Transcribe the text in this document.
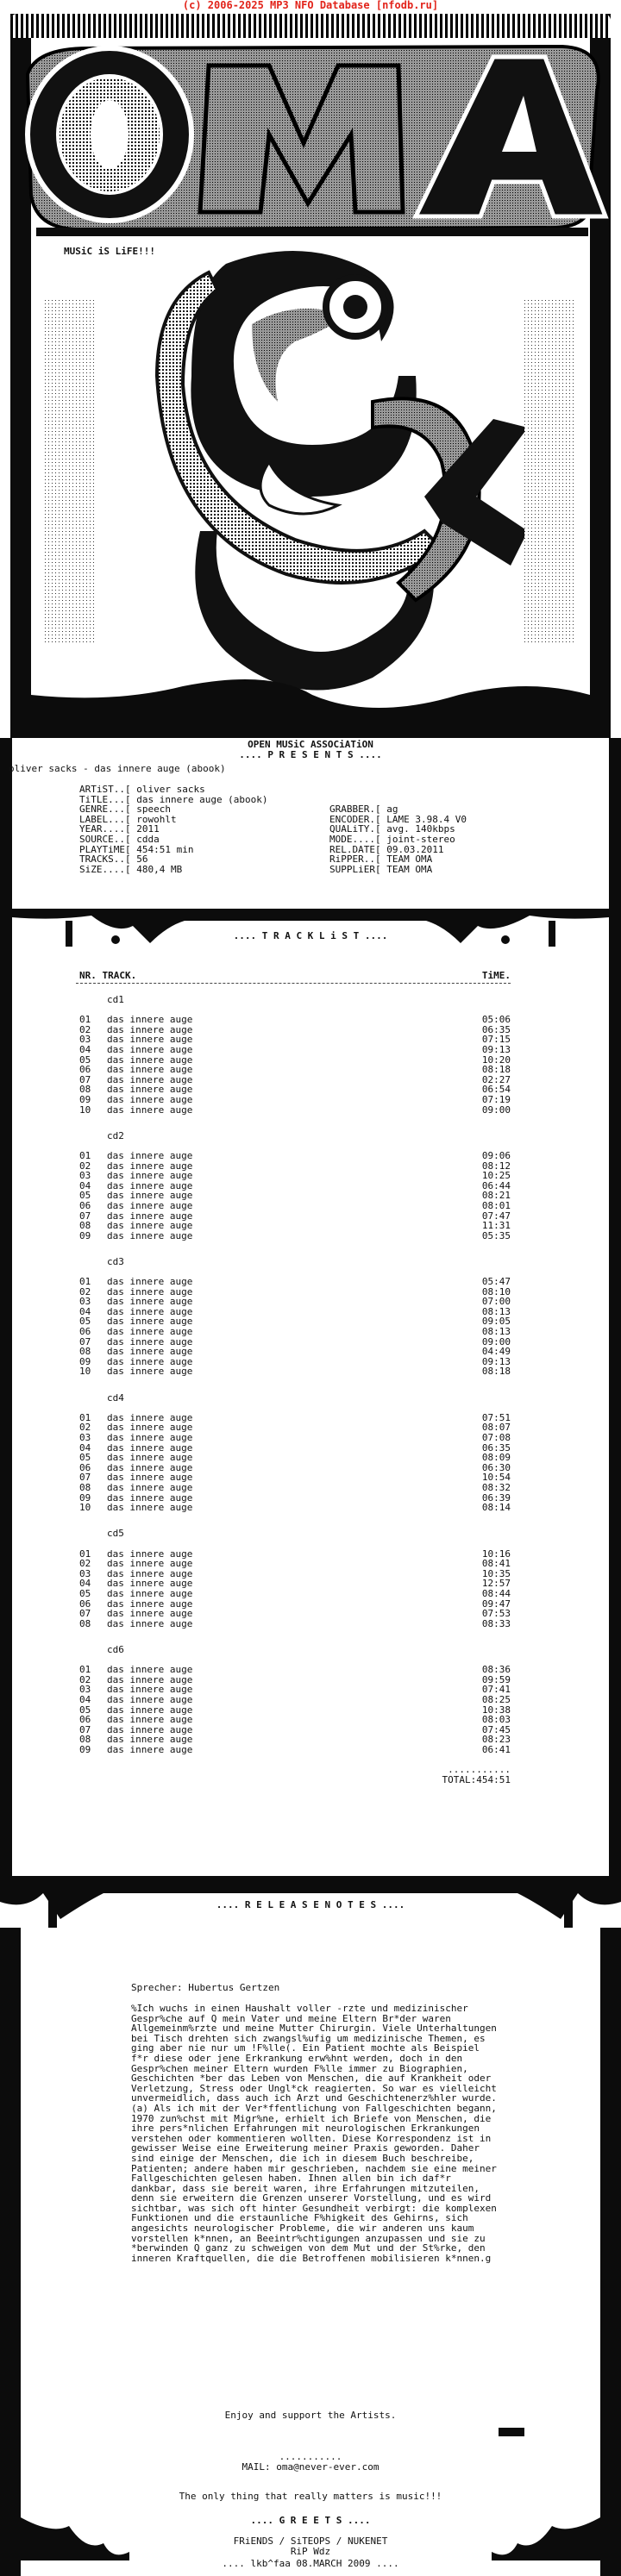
(c) 2006-2025 MP3 NFO Database [nfodb.ru]
MUSiC iS LiFE!!!
OPEN MUSiC ASSOCiATiON
.... P R E S E N T S ....
oliver sacks - das innere auge (abook)
ARTiST..[ oliver sacks
TiTLE...[ das innere auge (abook)
GENRE...[ speech	GRABBER.[ ag
LABEL...[ rowohlt	ENCODER.[ LAME 3.98.4 V0
YEAR....[ 2011	QUALiTY.[ avg. 140kbps
SOURCE..[ cdda	MODE....[ joint-stereo
PLAYTiME[ 454:51 min	REL.DATE[ 09.03.2011
TRACKS..[ 56	RiPPER..[ TEAM OMA
SiZE....[ 480,4 MB	SUPPLiER[ TEAM OMA
.... T R A C K L i S T ....
NR. TRACK.	TiME.
cd1
01 das innere auge	05:06
02 das innere auge	06:35
03 das innere auge	07:15
04 das innere auge	09:13
05 das innere auge	10:20
06 das innere auge	08:18
07 das innere auge	02:27
08 das innere auge	06:54
09 das innere auge	07:19
10 das innere auge	09:00
cd2
01 das innere auge	09:06
02 das innere auge	08:12
03 das innere auge	10:25
04 das innere auge	06:44
05 das innere auge	08:21
06 das innere auge	08:01
07 das innere auge	07:47
08 das innere auge	11:31
09 das innere auge	05:35
cd3
01 das innere auge	05:47
02 das innere auge	08:10
03 das innere auge	07:00
04 das innere auge	08:13
05 das innere auge	09:05
06 das innere auge	08:13
07 das innere auge	09:00
08 das innere auge	04:49
09 das innere auge	09:13
10 das innere auge	08:18
cd4
01 das innere auge	07:51
02 das innere auge	08:07
03 das innere auge	07:08
04 das innere auge	06:35
05 das innere auge	08:09
06 das innere auge	06:30
07 das innere auge	10:54
08 das innere auge	08:32
09 das innere auge	06:39
10 das innere auge	08:14
cd5
01 das innere auge	10:16
02 das innere auge	08:41
03 das innere auge	10:35
04 das innere auge	12:57
05 das innere auge	08:44
06 das innere auge	09:47
07 das innere auge	07:53
08 das innere auge	08:33
cd6
01 das innere auge	08:36
02 das innere auge	09:59
03 das innere auge	07:41
04 das innere auge	08:25
05 das innere auge	10:38
06 das innere auge	08:03
07 das innere auge	07:45
08 das innere auge	08:23
09 das innere auge	06:41
...........
TOTAL:454:51
.... R E L E A S E N O T E S ....
Sprecher: Hubertus Gertzen
%Ich wuchs in einen Haushalt voller -rzte und medizinischer Gespr%che auf Q mein Vater und meine Eltern Br*der waren Allgemeinm%rzte und meine Mutter Chirurgin. Viele Unterhaltungen bei Tisch drehten sich zwangsl%ufig um medizinische Themen, es ging aber nie nur um !F%lle(. Ein Patient mochte als Beispiel f*r diese oder jene Erkrankung erw%hnt werden, doch in den Gespr%chen meiner Eltern wurden F%lle immer zu Biographien, Geschichten *ber das Leben von Menschen, die auf Krankheit oder Verletzung, Stress oder Ungl*ck reagierten. So war es vielleicht unvermeidlich, dass auch ich Arzt und Geschichtenerz%hler wurde. (a) Als ich mit der Ver*ffentlichung von Fallgeschichten begann, 1970 zun%chst mit Migr%ne, erhielt ich Briefe von Menschen, die ihre pers*nlichen Erfahrungen mit neurologischen Erkrankungen verstehen oder kommentieren wollten. Diese Korrespondenz ist in gewisser Weise eine Erweiterung meiner Praxis geworden. Daher sind einige der Menschen, die ich in diesem Buch beschreibe, Patienten; andere haben mir geschrieben, nachdem sie eine meiner Fallgeschichten gelesen haben. Ihnen allen bin ich daf*r dankbar, dass sie bereit waren, ihre Erfahrungen mitzuteilen, denn sie erweitern die Grenzen unserer Vorstellung, und es wird sichtbar, was sich oft hinter Gesundheit verbirgt: die komplexen Funktionen und die erstaunliche F%higkeit des Gehirns, sich angesichts neurologischer Probleme, die wir anderen uns kaum vorstellen k*nnen, an Beeintr%chtigungen anzupassen und sie zu *berwinden Q ganz zu schweigen von dem Mut und der St%rke, den inneren Kraftquellen, die die Betroffenen mobilisieren k*nnen.g
Enjoy and support the Artists.
...........
MAIL: oma@never-ever.com
The only thing that really matters is music!!!
.... G R E E T S ....
FRiENDS / SiTEOPS / NUKENET
RiP Wdz
.... lkb^faa 08.MARCH 2009 ....
